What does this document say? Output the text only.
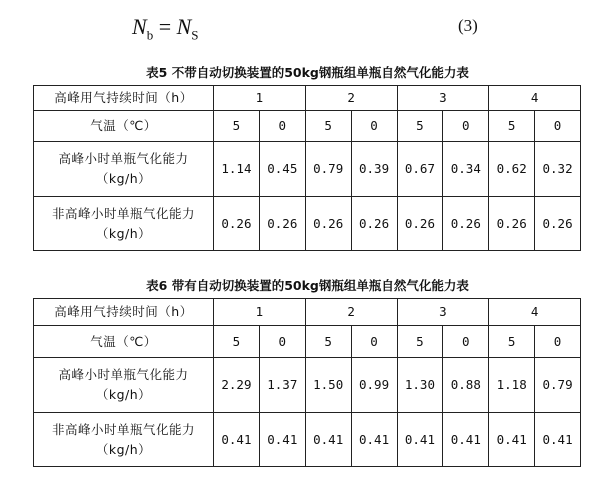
$N_b = N_S$	(3)
表5 不带自动切换装置的50kg钢瓶组单瓶自然气化能力表
高峰用气持续时间（h）	1		2		3		4	
气温（℃）	5	0	5	0	5	0	5	0

高峰小时单瓶气化能力
（kg/h）	1.14	0.45	0.79	0.39	0.67	0.34	0.62	0.32

非高峰小时单瓶气化能力
（kg/h）	0.26	0.26	0.26	0.26	0.26	0.26	0.26	0.26
表6 带有自动切换装置的50kg钢瓶组单瓶自然气化能力表
高峰用气持续时间（h）	1		2		3		4	
气温（℃）	5	0	5	0	5	0	5	0

高峰小时单瓶气化能力
（kg/h）	2.29	1.37	1.50	0.99	1.30	0.88	1.18	0.79

非高峰小时单瓶气化能力
（kg/h）	0.41	0.41	0.41	0.41	0.41	0.41	0.41	0.41
